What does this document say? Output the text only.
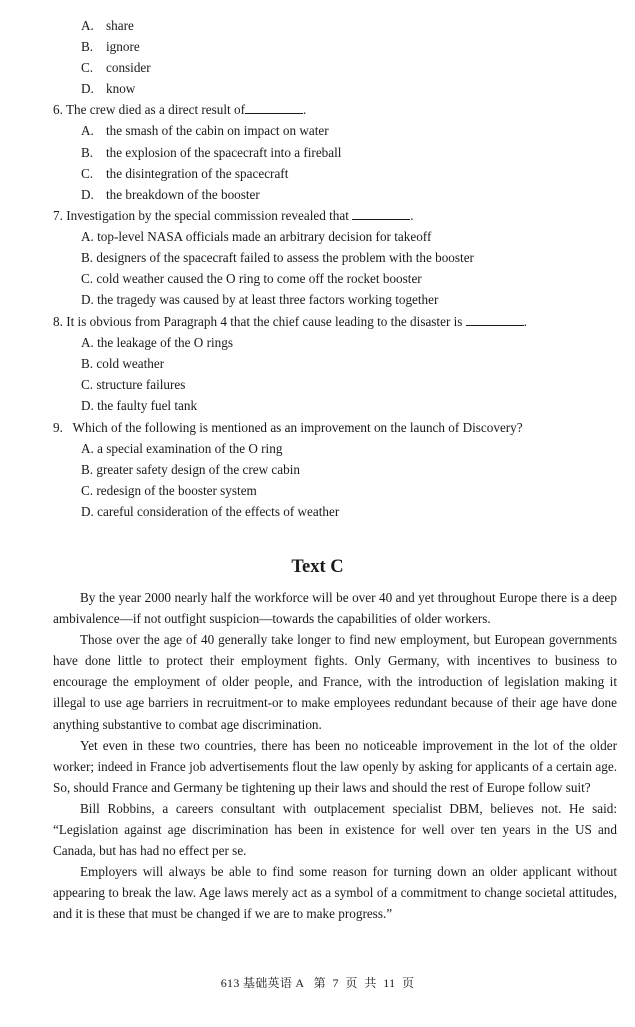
A. share
B. ignore
C. consider
D. know
6. The crew died as a direct result of	.
A. the smash of the cabin on impact on water
B. the explosion of the spacecraft into a fireball
C. the disintegration of the spacecraft
D. the breakdown of the booster
7. Investigation by the special commission revealed that	.
A. top-level NASA officials made an arbitrary decision for takeoff
B. designers of the spacecraft failed to assess the problem with the booster
C. cold weather caused the O ring to come off the rocket booster
D. the tragedy was caused by at least three factors working together
8. It is obvious from Paragraph 4 that the chief cause leading to the disaster is	.
A. the leakage of the O rings
B. cold weather
C. structure failures
D. the faulty fuel tank
9.   Which of the following is mentioned as an improvement on the launch of Discovery?
A. a special examination of the O ring
B. greater safety design of the crew cabin
C. redesign of the booster system
D. careful consideration of the effects of weather
Text C

By the year 2000 nearly half the workforce will be over 40 and yet throughout Europe there is a deep ambivalence—if not outfight suspicion—towards the capabilities of older workers.

Those over the age of 40 generally take longer to find new employment, but European governments have done little to protect their employment fights. Only Germany, with incentives to business to encourage the employment of older people, and France, with the introduction of legislation making it illegal to use age barriers in recruitment-or to make employees redundant because of their age have done anything substantive to combat age discrimination.

Yet even in these two countries, there has been no noticeable improvement in the lot of the older worker; indeed in France job advertisements flout the law openly by asking for applicants of a certain age. So, should France and Germany be tightening up their laws and should the rest of Europe follow suit?

Bill Robbins, a careers consultant with outplacement specialist DBM, believes not. He said: “Legislation against age discrimination has been in existence for well over ten years in the US and Canada, but has had no effect per se.

Employers will always be able to find some reason for turning down an older applicant without appearing to break the law. Age laws merely act as a symbol of a commitment to change societal attitudes, and it is these that must be changed if we are to make progress.”

613 基础英语 A   第  7  页  共  11  页
